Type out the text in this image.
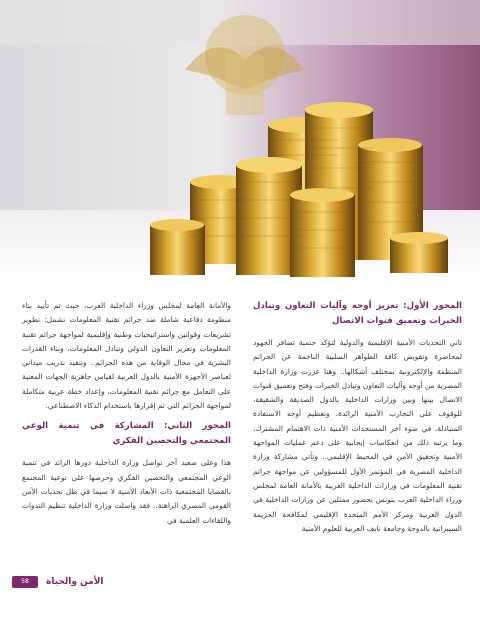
المحور الأول: تعزيز أوجه وآليات التعاون وتبادل الخبرات وتعميق قنوات الاتصال

ثاني التحديات الأمنية الإقليمية والدولية لتؤكد حتمية تضافر الجهود لمحاصرة وتقويض كافة الظواهر السلبية الناجمة عن الجرائم المنظمة والإلكترونية بمختلف أشكالها.. وهنا عززت وزارة الداخلية المصرية من أوجه وآليات التعاون وتبادل الخبرات وفتح وتعميق قنوات الاتصال بينها وبين وزارات الداخلية بالدول الصديقة والشقيقة، للوقوف على التجارب الأمنية الرائدة، وتعظيم أوجه الاستفادة المتبادلة، في ضوء آخر المستجدات الأمنية ذات الاهتمام المشترك، وما يرتبه ذلك من انعكاسات إيجابية على دعم عمليات المواجهة الأمنية وتحقيق الأمن في المحيط الإقليمي.. وتأتي مشاركة وزارة الداخلية المصرية في المؤتمر الأول للمسؤولين عن مواجهة جرائم تقنية المعلومات في وزارات الداخلية العربية بالأمانة العامة لمجلس وزراء الداخلية العرب بتونس بحضور ممثلين عن وزارات الداخلية في الدول العربية ومركز الأمم المتحدة الإقليمي لمكافحة الجريمة السيبرانية بالدوحة وجامعة نايف العربية للعلوم الأمنية

والأمانة العامة لمجلس وزراء الداخلية العرب، حيث تم تأييد بناء منظومة دفاعية شاملة ضد جرائم تقنية المعلومات تشمل: تطوير تشريعات وقوانين واستراتيجيات وطنية وإقليمية لمواجهة جرائم تقنية المعلومات وتعزيز التعاون الدولي وتبادل المعلومات، وبناء القدرات البشرية في مجال الوقاية من هذه الجرائم.. وتنفيذ تدريب ميداني لعناصر الأجهزة الأمنية بالدول العربية لقياس جاهزية الجهات المعنية على التعامل مع جرائم تقنية المعلومات، وإعداد خطة عربية متكاملة لمواجهة الجرائم التي تم إقرارها باستخدام الذكاء الاصطناعي.

المحور الثاني: المشاركة في تنمية الوعي المجتمعي والتحصين الفكري

هذا وعلى صعيد آخر تواصل وزارة الداخلية دورها الرائد في تنمية الوعي المجتمعي والتحصين الفكري وحرصها على توعية المجتمع بالقضايا المجتمعية ذات الأبعاد الأمنية لا سيما في ظل تحديات الأمن القومي المصري الراهنة.. فقد واصلت وزارة الداخلية تنظيم الندوات واللقاءات العلمية في

58	الأمن والحياة
